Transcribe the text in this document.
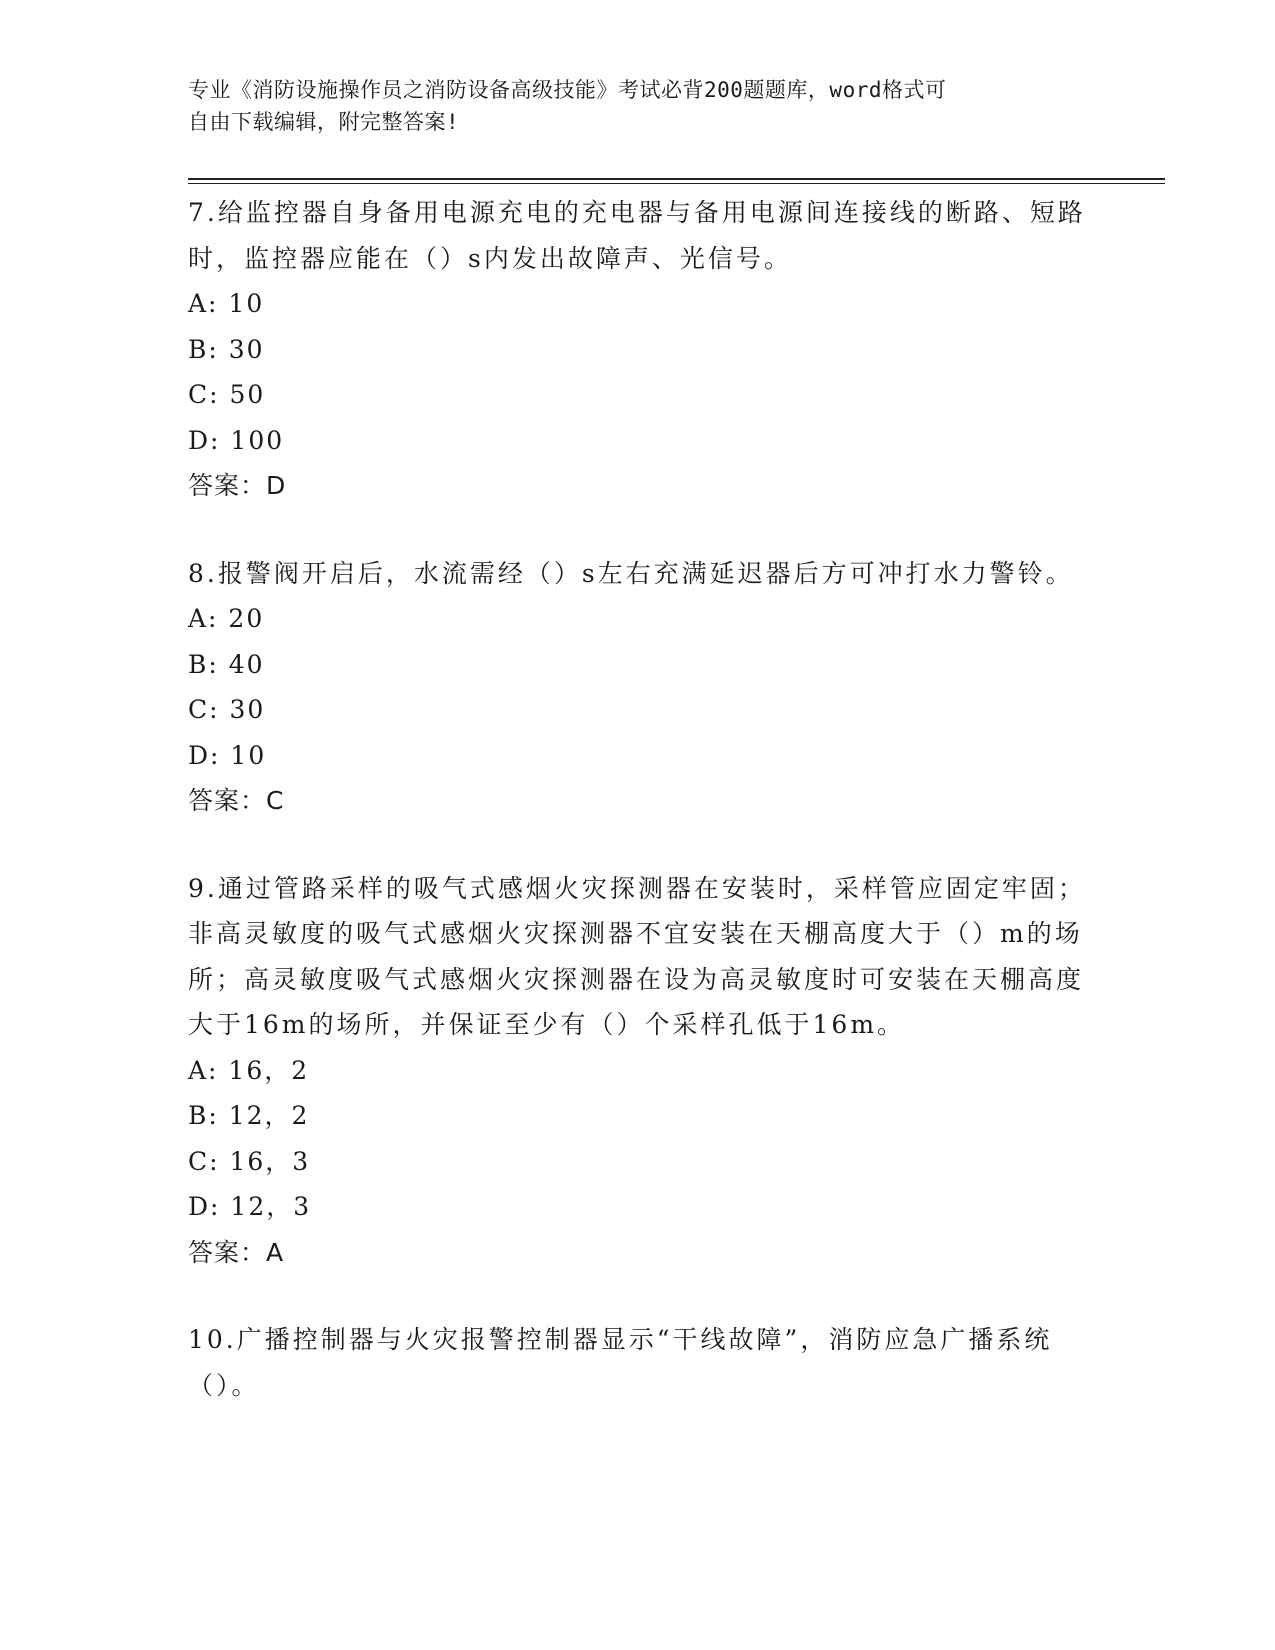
专业《消防设施操作员之消防设备高级技能》考试必背200题题库，word格式可
自由下载编辑，附完整答案!
7.给监控器自身备用电源充电的充电器与备用电源间连接线的断路、短路时，监控器应能在（）s内发出故障声、光信号。
A: 10
B: 30
C: 50
D: 100
答案：D
8.报警阀开启后，水流需经（）s左右充满延迟器后方可冲打水力警铃。
A: 20
B: 40
C: 30
D: 10
答案：C
9.通过管路采样的吸气式感烟火灾探测器在安装时，采样管应固定牢固；非高灵敏度的吸气式感烟火灾探测器不宜安装在天棚高度大于（）m的场所；高灵敏度吸气式感烟火灾探测器在设为高灵敏度时可安装在天棚高度大于16m的场所，并保证至少有（）个采样孔低于16m。
A: 16，2
B: 12，2
C: 16，3
D: 12，3
答案：A
10.广播控制器与火灾报警控制器显示“干线故障”，消防应急广播系统（）。
